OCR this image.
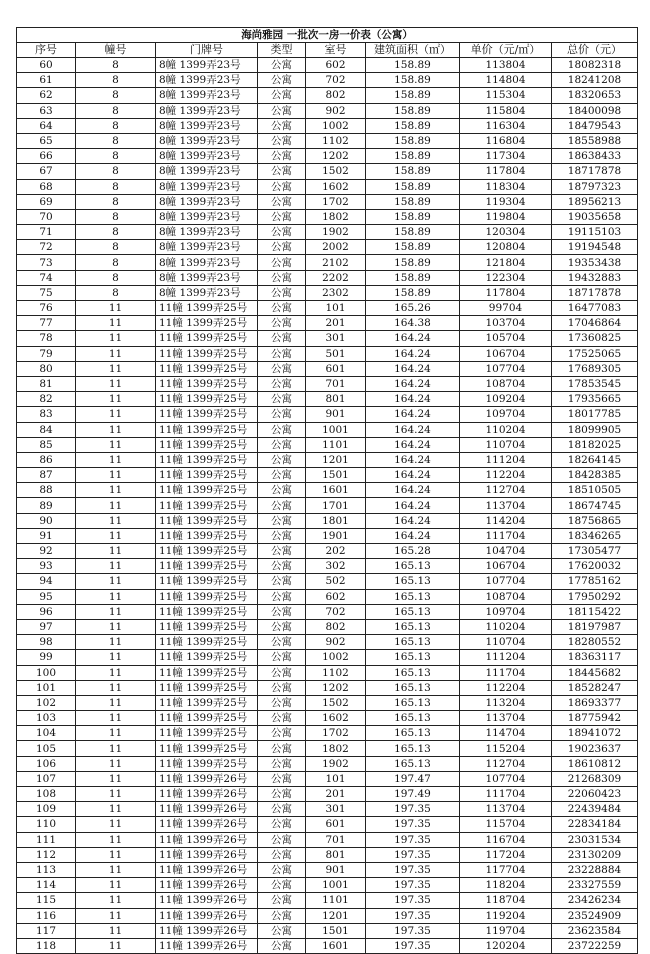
海尚雅园 一批次一房一价表（公寓）							
序号	幢号	门牌号	类型	室号	建筑面积（㎡）	单价（元/㎡）	总价（元）
60	8	8幢 1399弄23号	公寓	602	158.89	113804	18082318
61	8	8幢 1399弄23号	公寓	702	158.89	114804	18241208
62	8	8幢 1399弄23号	公寓	802	158.89	115304	18320653
63	8	8幢 1399弄23号	公寓	902	158.89	115804	18400098
64	8	8幢 1399弄23号	公寓	1002	158.89	116304	18479543
65	8	8幢 1399弄23号	公寓	1102	158.89	116804	18558988
66	8	8幢 1399弄23号	公寓	1202	158.89	117304	18638433
67	8	8幢 1399弄23号	公寓	1502	158.89	117804	18717878
68	8	8幢 1399弄23号	公寓	1602	158.89	118304	18797323
69	8	8幢 1399弄23号	公寓	1702	158.89	119304	18956213
70	8	8幢 1399弄23号	公寓	1802	158.89	119804	19035658
71	8	8幢 1399弄23号	公寓	1902	158.89	120304	19115103
72	8	8幢 1399弄23号	公寓	2002	158.89	120804	19194548
73	8	8幢 1399弄23号	公寓	2102	158.89	121804	19353438
74	8	8幢 1399弄23号	公寓	2202	158.89	122304	19432883
75	8	8幢 1399弄23号	公寓	2302	158.89	117804	18717878
76	11	11幢 1399弄25号	公寓	101	165.26	99704	16477083
77	11	11幢 1399弄25号	公寓	201	164.38	103704	17046864
78	11	11幢 1399弄25号	公寓	301	164.24	105704	17360825
79	11	11幢 1399弄25号	公寓	501	164.24	106704	17525065
80	11	11幢 1399弄25号	公寓	601	164.24	107704	17689305
81	11	11幢 1399弄25号	公寓	701	164.24	108704	17853545
82	11	11幢 1399弄25号	公寓	801	164.24	109204	17935665
83	11	11幢 1399弄25号	公寓	901	164.24	109704	18017785
84	11	11幢 1399弄25号	公寓	1001	164.24	110204	18099905
85	11	11幢 1399弄25号	公寓	1101	164.24	110704	18182025
86	11	11幢 1399弄25号	公寓	1201	164.24	111204	18264145
87	11	11幢 1399弄25号	公寓	1501	164.24	112204	18428385
88	11	11幢 1399弄25号	公寓	1601	164.24	112704	18510505
89	11	11幢 1399弄25号	公寓	1701	164.24	113704	18674745
90	11	11幢 1399弄25号	公寓	1801	164.24	114204	18756865
91	11	11幢 1399弄25号	公寓	1901	164.24	111704	18346265
92	11	11幢 1399弄25号	公寓	202	165.28	104704	17305477
93	11	11幢 1399弄25号	公寓	302	165.13	106704	17620032
94	11	11幢 1399弄25号	公寓	502	165.13	107704	17785162
95	11	11幢 1399弄25号	公寓	602	165.13	108704	17950292
96	11	11幢 1399弄25号	公寓	702	165.13	109704	18115422
97	11	11幢 1399弄25号	公寓	802	165.13	110204	18197987
98	11	11幢 1399弄25号	公寓	902	165.13	110704	18280552
99	11	11幢 1399弄25号	公寓	1002	165.13	111204	18363117
100	11	11幢 1399弄25号	公寓	1102	165.13	111704	18445682
101	11	11幢 1399弄25号	公寓	1202	165.13	112204	18528247
102	11	11幢 1399弄25号	公寓	1502	165.13	113204	18693377
103	11	11幢 1399弄25号	公寓	1602	165.13	113704	18775942
104	11	11幢 1399弄25号	公寓	1702	165.13	114704	18941072
105	11	11幢 1399弄25号	公寓	1802	165.13	115204	19023637
106	11	11幢 1399弄25号	公寓	1902	165.13	112704	18610812
107	11	11幢 1399弄26号	公寓	101	197.47	107704	21268309
108	11	11幢 1399弄26号	公寓	201	197.49	111704	22060423
109	11	11幢 1399弄26号	公寓	301	197.35	113704	22439484
110	11	11幢 1399弄26号	公寓	601	197.35	115704	22834184
111	11	11幢 1399弄26号	公寓	701	197.35	116704	23031534
112	11	11幢 1399弄26号	公寓	801	197.35	117204	23130209
113	11	11幢 1399弄26号	公寓	901	197.35	117704	23228884
114	11	11幢 1399弄26号	公寓	1001	197.35	118204	23327559
115	11	11幢 1399弄26号	公寓	1101	197.35	118704	23426234
116	11	11幢 1399弄26号	公寓	1201	197.35	119204	23524909
117	11	11幢 1399弄26号	公寓	1501	197.35	119704	23623584
118	11	11幢 1399弄26号	公寓	1601	197.35	120204	23722259
